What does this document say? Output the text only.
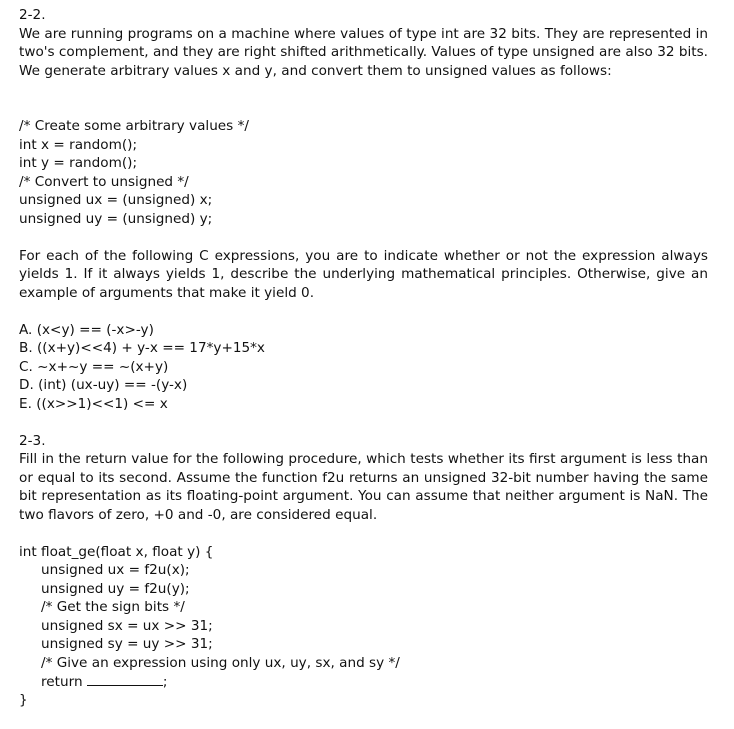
2-2.
We are running programs on a machine where values of type int are 32 bits. They are represented in two's complement, and they are right shifted arithmetically. Values of type unsigned are also 32 bits. We generate arbitrary values x and y, and convert them to unsigned values as follows:
/* Create some arbitrary values */
int x = random();
int y = random();
/* Convert to unsigned */
unsigned ux = (unsigned) x;
unsigned uy = (unsigned) y;
For each of the following C expressions, you are to indicate whether or not the expression always yields 1. If it always yields 1, describe the underlying mathematical principles. Otherwise, give an example of arguments that make it yield 0.
A. (x<y) == (-x>-y)
B. ((x+y)<<4) + y-x == 17*y+15*x
C. ~x+~y == ~(x+y)
D. (int) (ux-uy) == -(y-x)
E. ((x>>1)<<1) <= x
2-3.
Fill in the return value for the following procedure, which tests whether its first argument is less than or equal to its second. Assume the function f2u returns an unsigned 32-bit number having the same bit representation as its floating-point argument. You can assume that neither argument is NaN. The two flavors of zero, +0 and -0, are considered equal.
int float_ge(float x, float y) {
unsigned ux = f2u(x);
unsigned uy = f2u(y);
/* Get the sign bits */
unsigned sx = ux >> 31;
unsigned sy = uy >> 31;
/* Give an expression using only ux, uy, sx, and sy */
return	;
}
